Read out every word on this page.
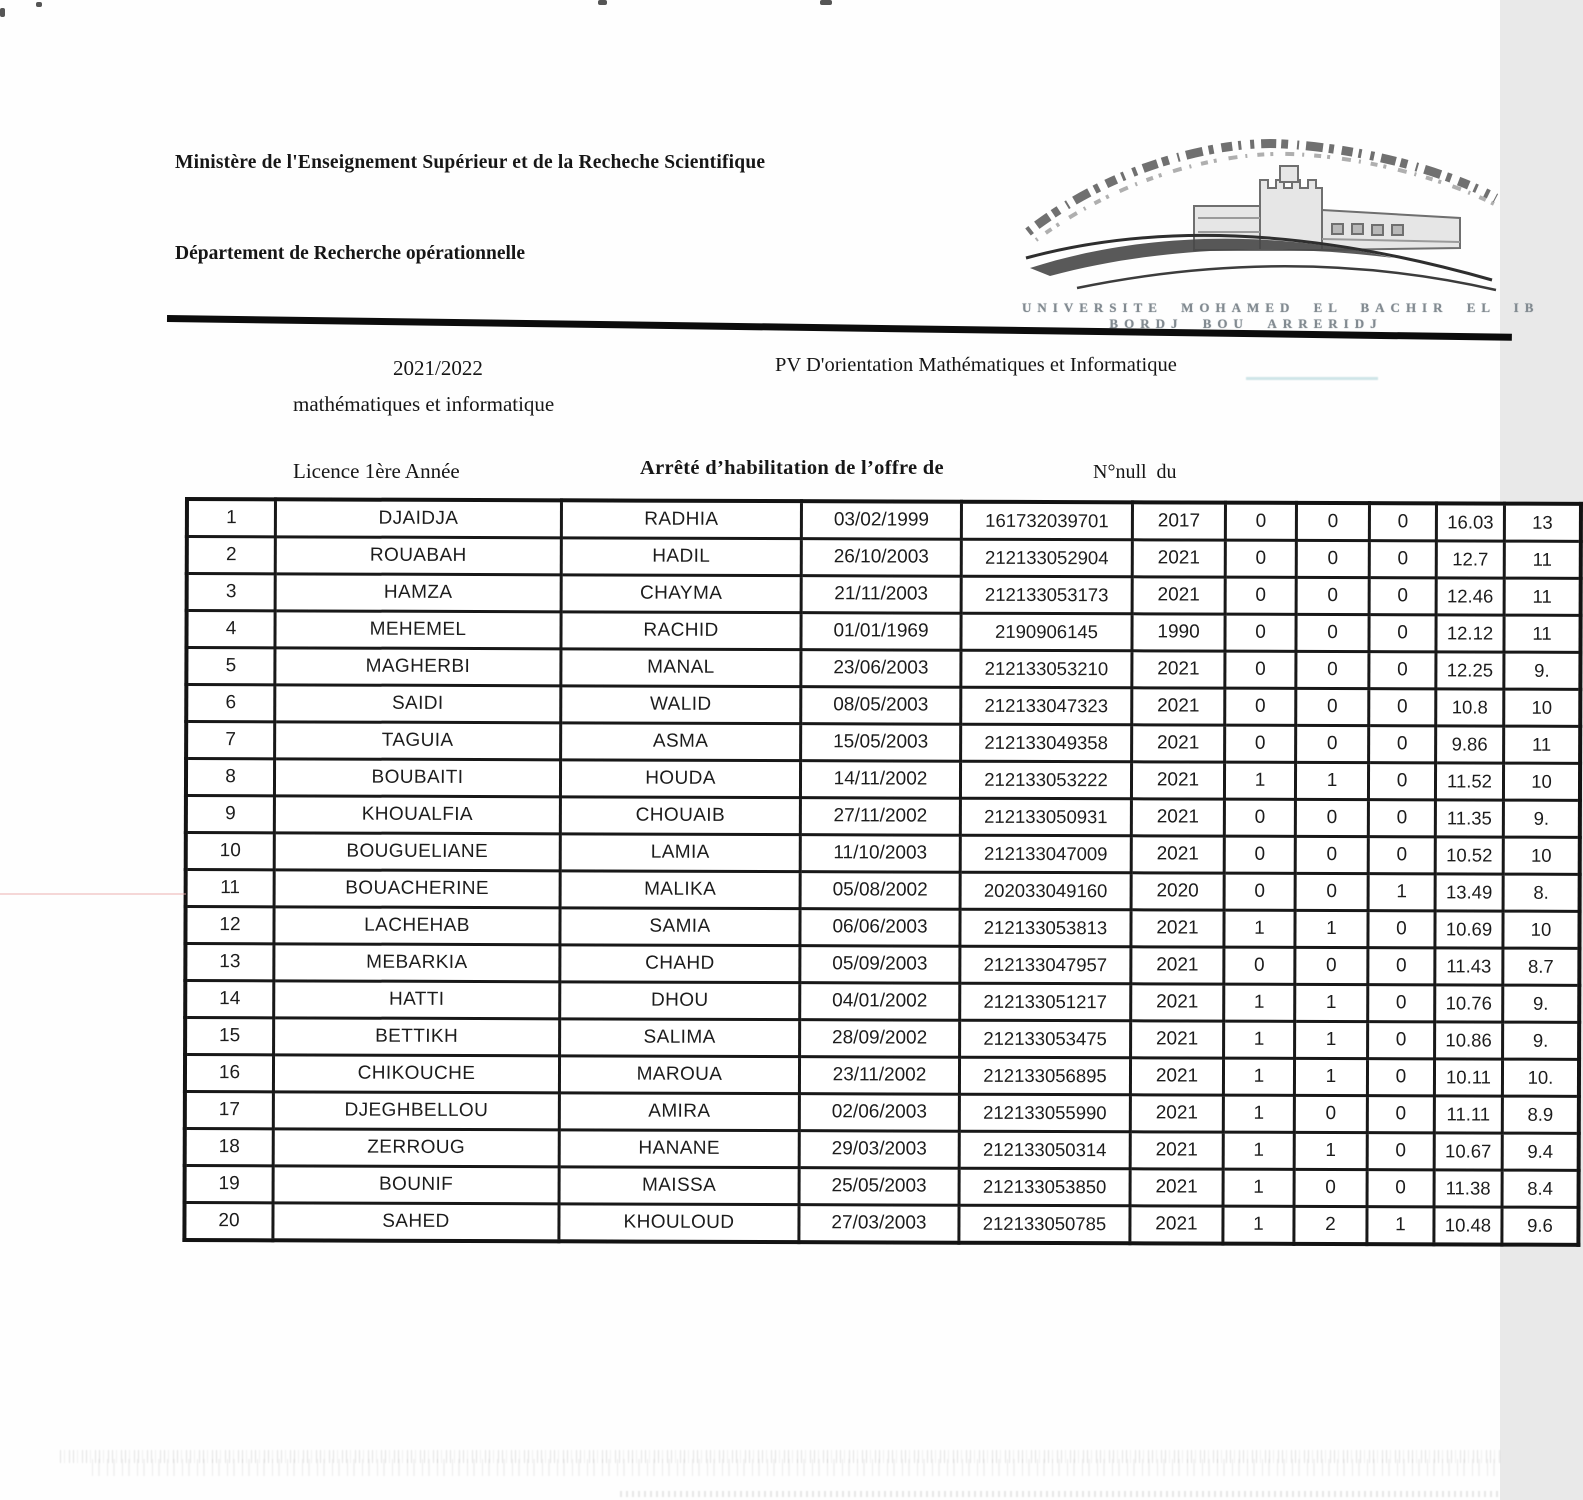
Ministère de l'Enseignement Supérieur et de la Recheche Scientifique
Département de Recherche opérationnelle
UNIVERSITE MOHAMED EL BACHIR EL IB
BORDJ BOU ARRERIDJ
2021/2022	PV D'orientation Mathématiques et Informatique
mathématiques et informatique
Licence 1ère Année	Arrêté d’habilitation de l’offre de	N°null  du
1	DJAIDJA	RADHIA	03/02/1999	161732039701	2017	0	0	0	16.03	13
2	ROUABAH	HADIL	26/10/2003	212133052904	2021	0	0	0	12.7	11
3	HAMZA	CHAYMA	21/11/2003	212133053173	2021	0	0	0	12.46	11
4	MEHEMEL	RACHID	01/01/1969	2190906145	1990	0	0	0	12.12	11
5	MAGHERBI	MANAL	23/06/2003	212133053210	2021	0	0	0	12.25	9.
6	SAIDI	WALID	08/05/2003	212133047323	2021	0	0	0	10.8	10
7	TAGUIA	ASMA	15/05/2003	212133049358	2021	0	0	0	9.86	11
8	BOUBAITI	HOUDA	14/11/2002	212133053222	2021	1	1	0	11.52	10
9	KHOUALFIA	CHOUAIB	27/11/2002	212133050931	2021	0	0	0	11.35	9.
10	BOUGUELIANE	LAMIA	11/10/2003	212133047009	2021	0	0	0	10.52	10
11	BOUACHERINE	MALIKA	05/08/2002	202033049160	2020	0	0	1	13.49	8.
12	LACHEHAB	SAMIA	06/06/2003	212133053813	2021	1	1	0	10.69	10
13	MEBARKIA	CHAHD	05/09/2003	212133047957	2021	0	0	0	11.43	8.7
14	HATTI	DHOU	04/01/2002	212133051217	2021	1	1	0	10.76	9.
15	BETTIKH	SALIMA	28/09/2002	212133053475	2021	1	1	0	10.86	9.
16	CHIKOUCHE	MAROUA	23/11/2002	212133056895	2021	1	1	0	10.11	10.
17	DJEGHBELLOU	AMIRA	02/06/2003	212133055990	2021	1	0	0	11.11	8.9
18	ZERROUG	HANANE	29/03/2003	212133050314	2021	1	1	0	10.67	9.4
19	BOUNIF	MAISSA	25/05/2003	212133053850	2021	1	0	0	11.38	8.4
20	SAHED	KHOULOUD	27/03/2003	212133050785	2021	1	2	1	10.48	9.6
